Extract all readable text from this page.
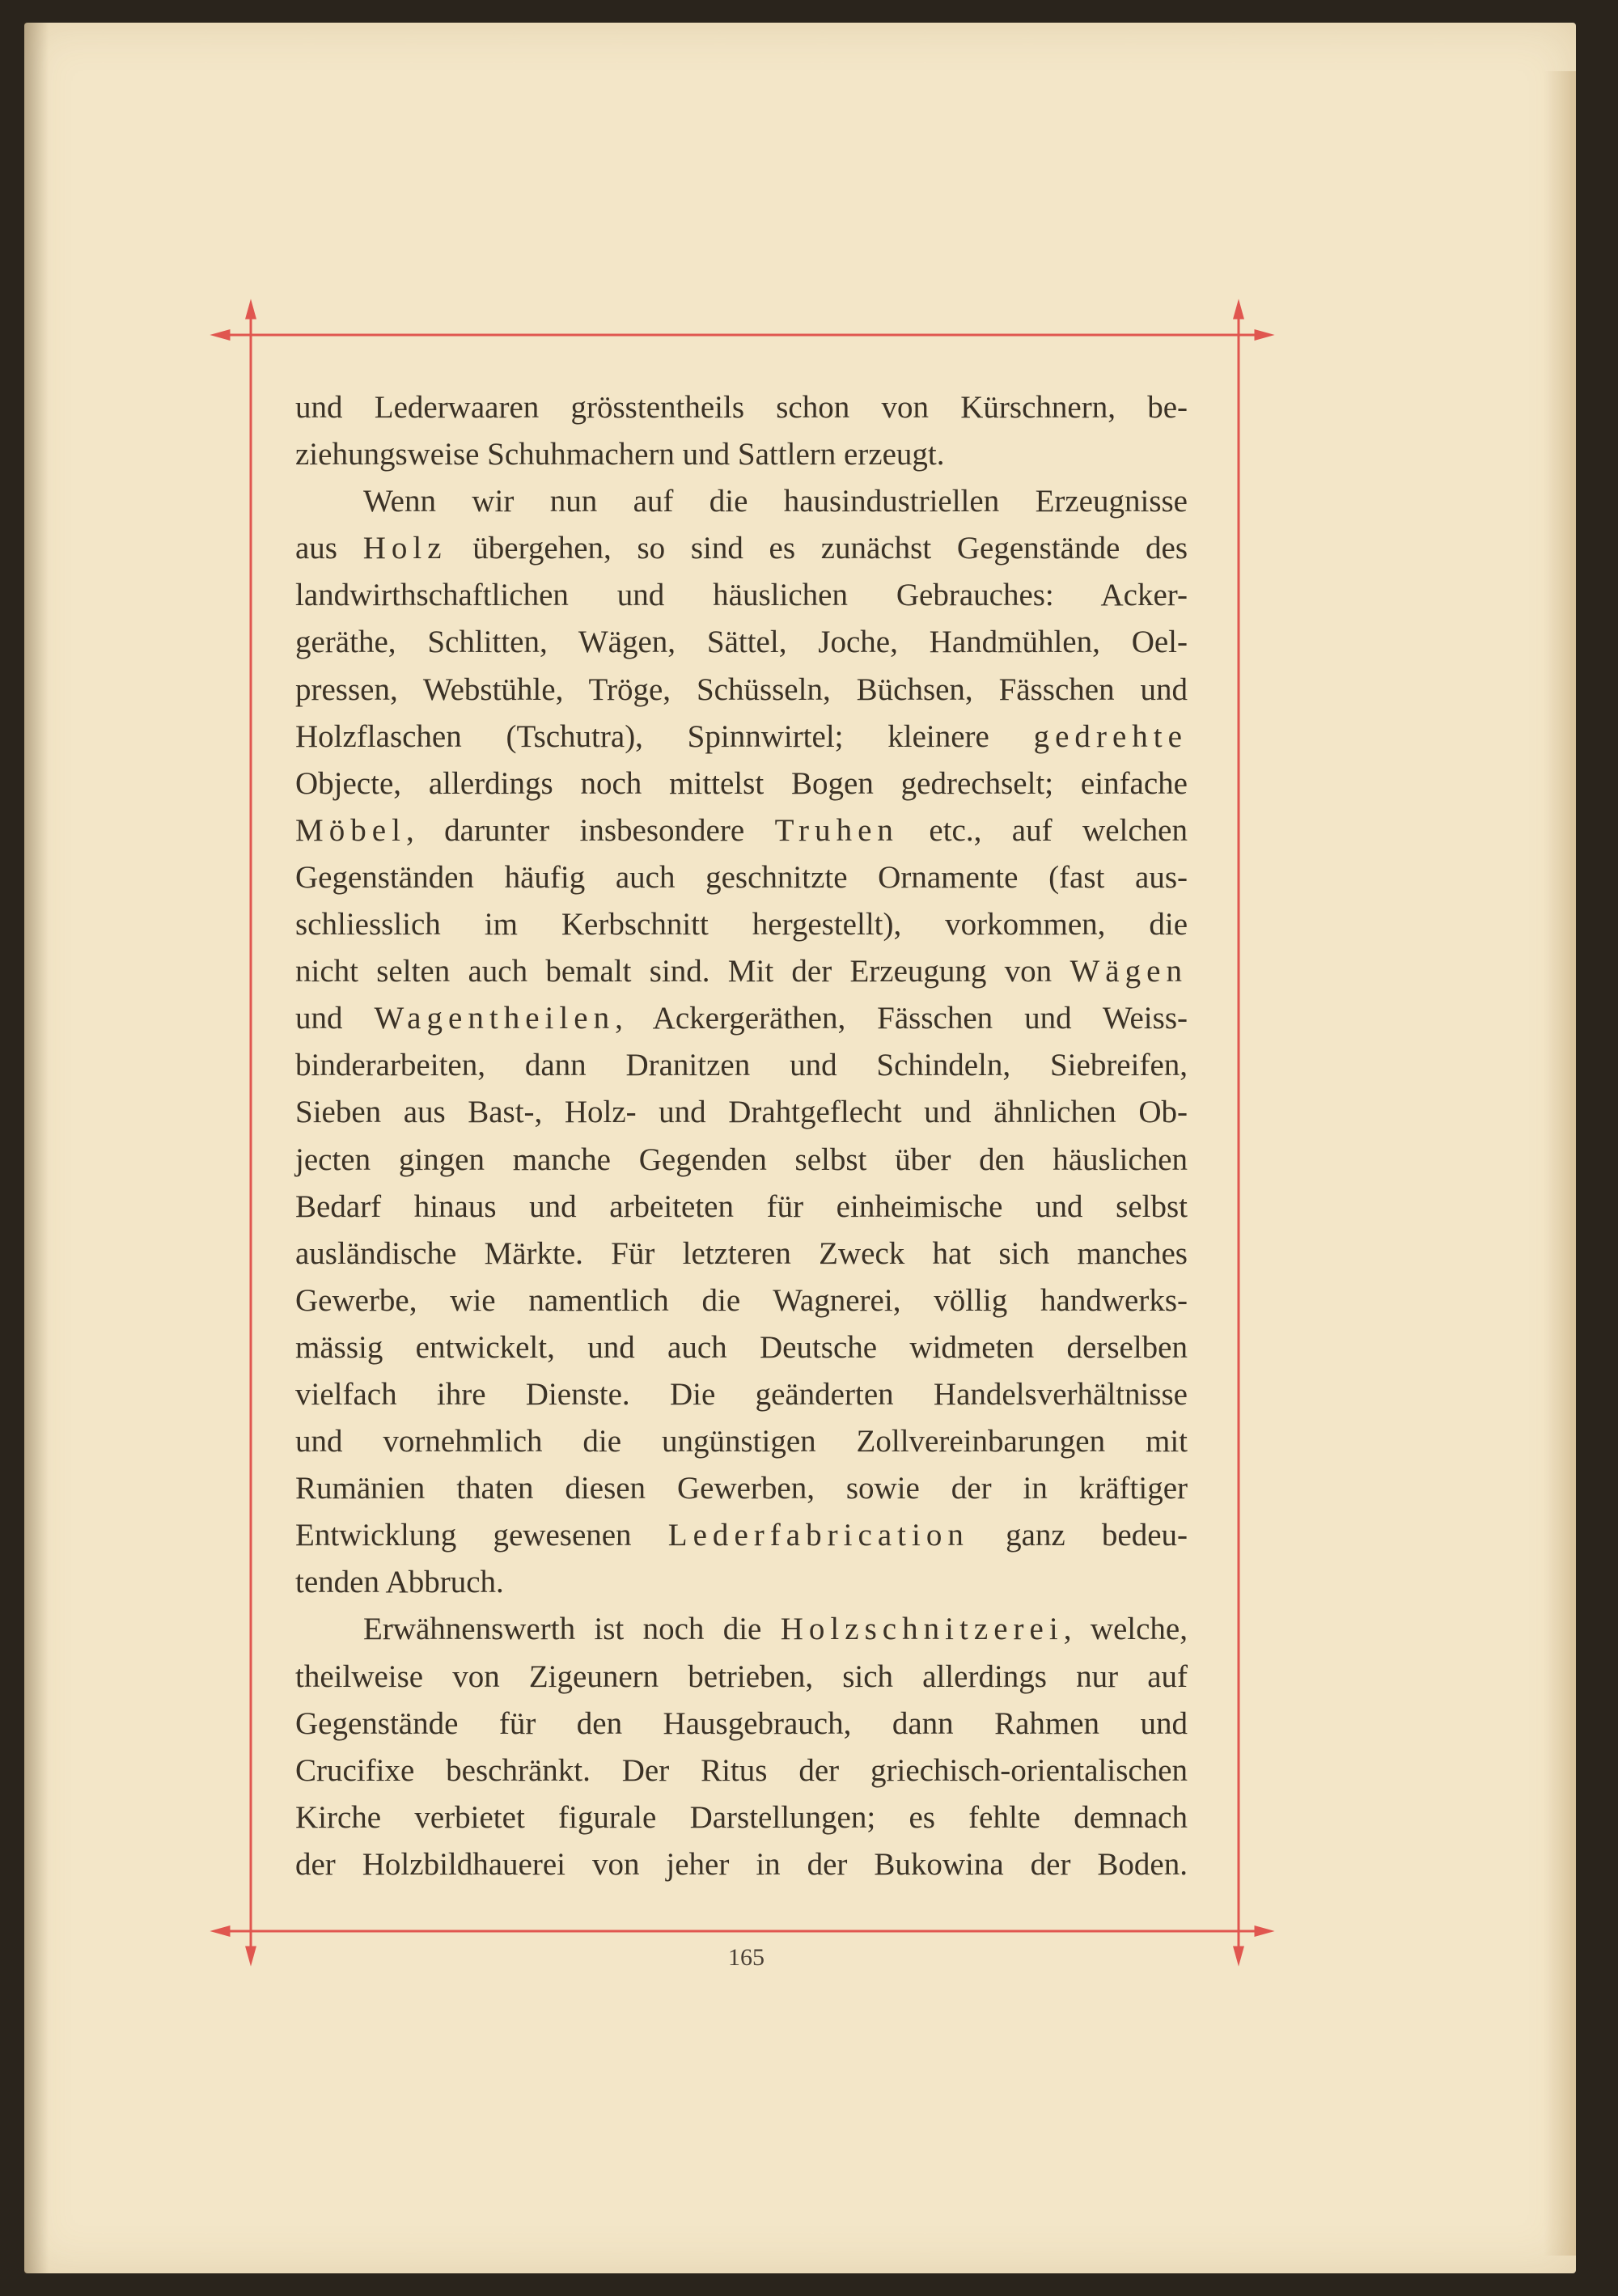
und Lederwaaren grösstentheils schon von Kürschnern, be-
ziehungsweise Schuhmachern und Sattlern erzeugt.
Wenn wir nun auf die hausindustriellen Erzeugnisse
aus Holz übergehen, so sind es zunächst Gegenstände des
landwirthschaftlichen und häuslichen Gebrauches: Acker-
geräthe, Schlitten, Wägen, Sättel, Joche, Handmühlen, Oel-
pressen, Webstühle, Tröge, Schüsseln, Büchsen, Fässchen und
Holzflaschen (Tschutra), Spinnwirtel; kleinere gedrehte
Objecte, allerdings noch mittelst Bogen gedrechselt; einfache
Möbel, darunter insbesondere Truhen etc., auf welchen
Gegenständen häufig auch geschnitzte Ornamente (fast aus-
schliesslich im Kerbschnitt hergestellt), vorkommen, die
nicht selten auch bemalt sind. Mit der Erzeugung von Wägen
und Wagentheilen, Ackergeräthen, Fässchen und Weiss-
binderarbeiten, dann Dranitzen und Schindeln, Siebreifen,
Sieben aus Bast-, Holz- und Drahtgeflecht und ähnlichen Ob-
jecten gingen manche Gegenden selbst über den häuslichen
Bedarf hinaus und arbeiteten für einheimische und selbst
ausländische Märkte. Für letzteren Zweck hat sich manches
Gewerbe, wie namentlich die Wagnerei, völlig handwerks-
mässig entwickelt, und auch Deutsche widmeten derselben
vielfach ihre Dienste. Die geänderten Handelsverhältnisse
und vornehmlich die ungünstigen Zollvereinbarungen mit
Rumänien thaten diesen Gewerben, sowie der in kräftiger
Entwicklung gewesenen Lederfabrication ganz bedeu-
tenden Abbruch.
Erwähnenswerth ist noch die Holzschnitzerei, welche,
theilweise von Zigeunern betrieben, sich allerdings nur auf
Gegenstände für den Hausgebrauch, dann Rahmen und
Crucifixe beschränkt. Der Ritus der griechisch-orientalischen
Kirche verbietet figurale Darstellungen; es fehlte demnach
der Holzbildhauerei von jeher in der Bukowina der Boden.
165
